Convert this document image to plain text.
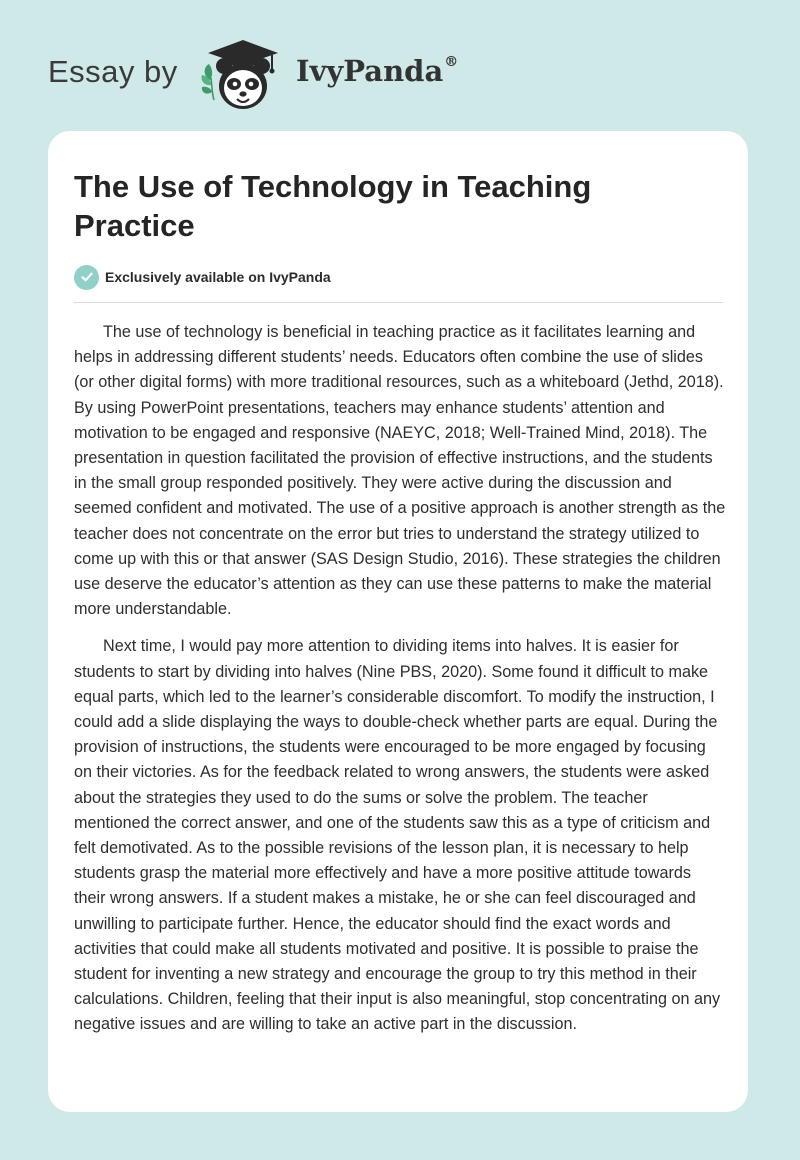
Essay by	IvyPanda®
The Use of Technology in Teaching Practice
Exclusively available on IvyPanda

The use of technology is beneficial in teaching practice as it facilitates learning and helps in addressing different students’ needs. Educators often combine the use of slides (or other digital forms) with more traditional resources, such as a whiteboard (Jethd, 2018). By using PowerPoint presentations, teachers may enhance students’ attention and motivation to be engaged and responsive (NAEYC, 2018; Well-Trained Mind, 2018). The presentation in question facilitated the provision of effective instructions, and the students in the small group responded positively. They were active during the discussion and seemed confident and motivated. The use of a positive approach is another strength as the teacher does not concentrate on the error but tries to understand the strategy utilized to come up with this or that answer (SAS Design Studio, 2016). These strategies the children use deserve the educator’s attention as they can use these patterns to make the material more understandable.

Next time, I would pay more attention to dividing items into halves. It is easier for students to start by dividing into halves (Nine PBS, 2020). Some found it difficult to make equal parts, which led to the learner’s considerable discomfort. To modify the instruction, I could add a slide displaying the ways to double-check whether parts are equal. During the provision of instructions, the students were encouraged to be more engaged by focusing on their victories. As for the feedback related to wrong answers, the students were asked about the strategies they used to do the sums or solve the problem. The teacher mentioned the correct answer, and one of the students saw this as a type of criticism and felt demotivated. As to the possible revisions of the lesson plan, it is necessary to help students grasp the material more effectively and have a more positive attitude towards their wrong answers. If a student makes a mistake, he or she can feel discouraged and unwilling to participate further. Hence, the educator should find the exact words and activities that could make all students motivated and positive. It is possible to praise the student for inventing a new strategy and encourage the group to try this method in their calculations. Children, feeling that their input is also meaningful, stop concentrating on any negative issues and are willing to take an active part in the discussion.
